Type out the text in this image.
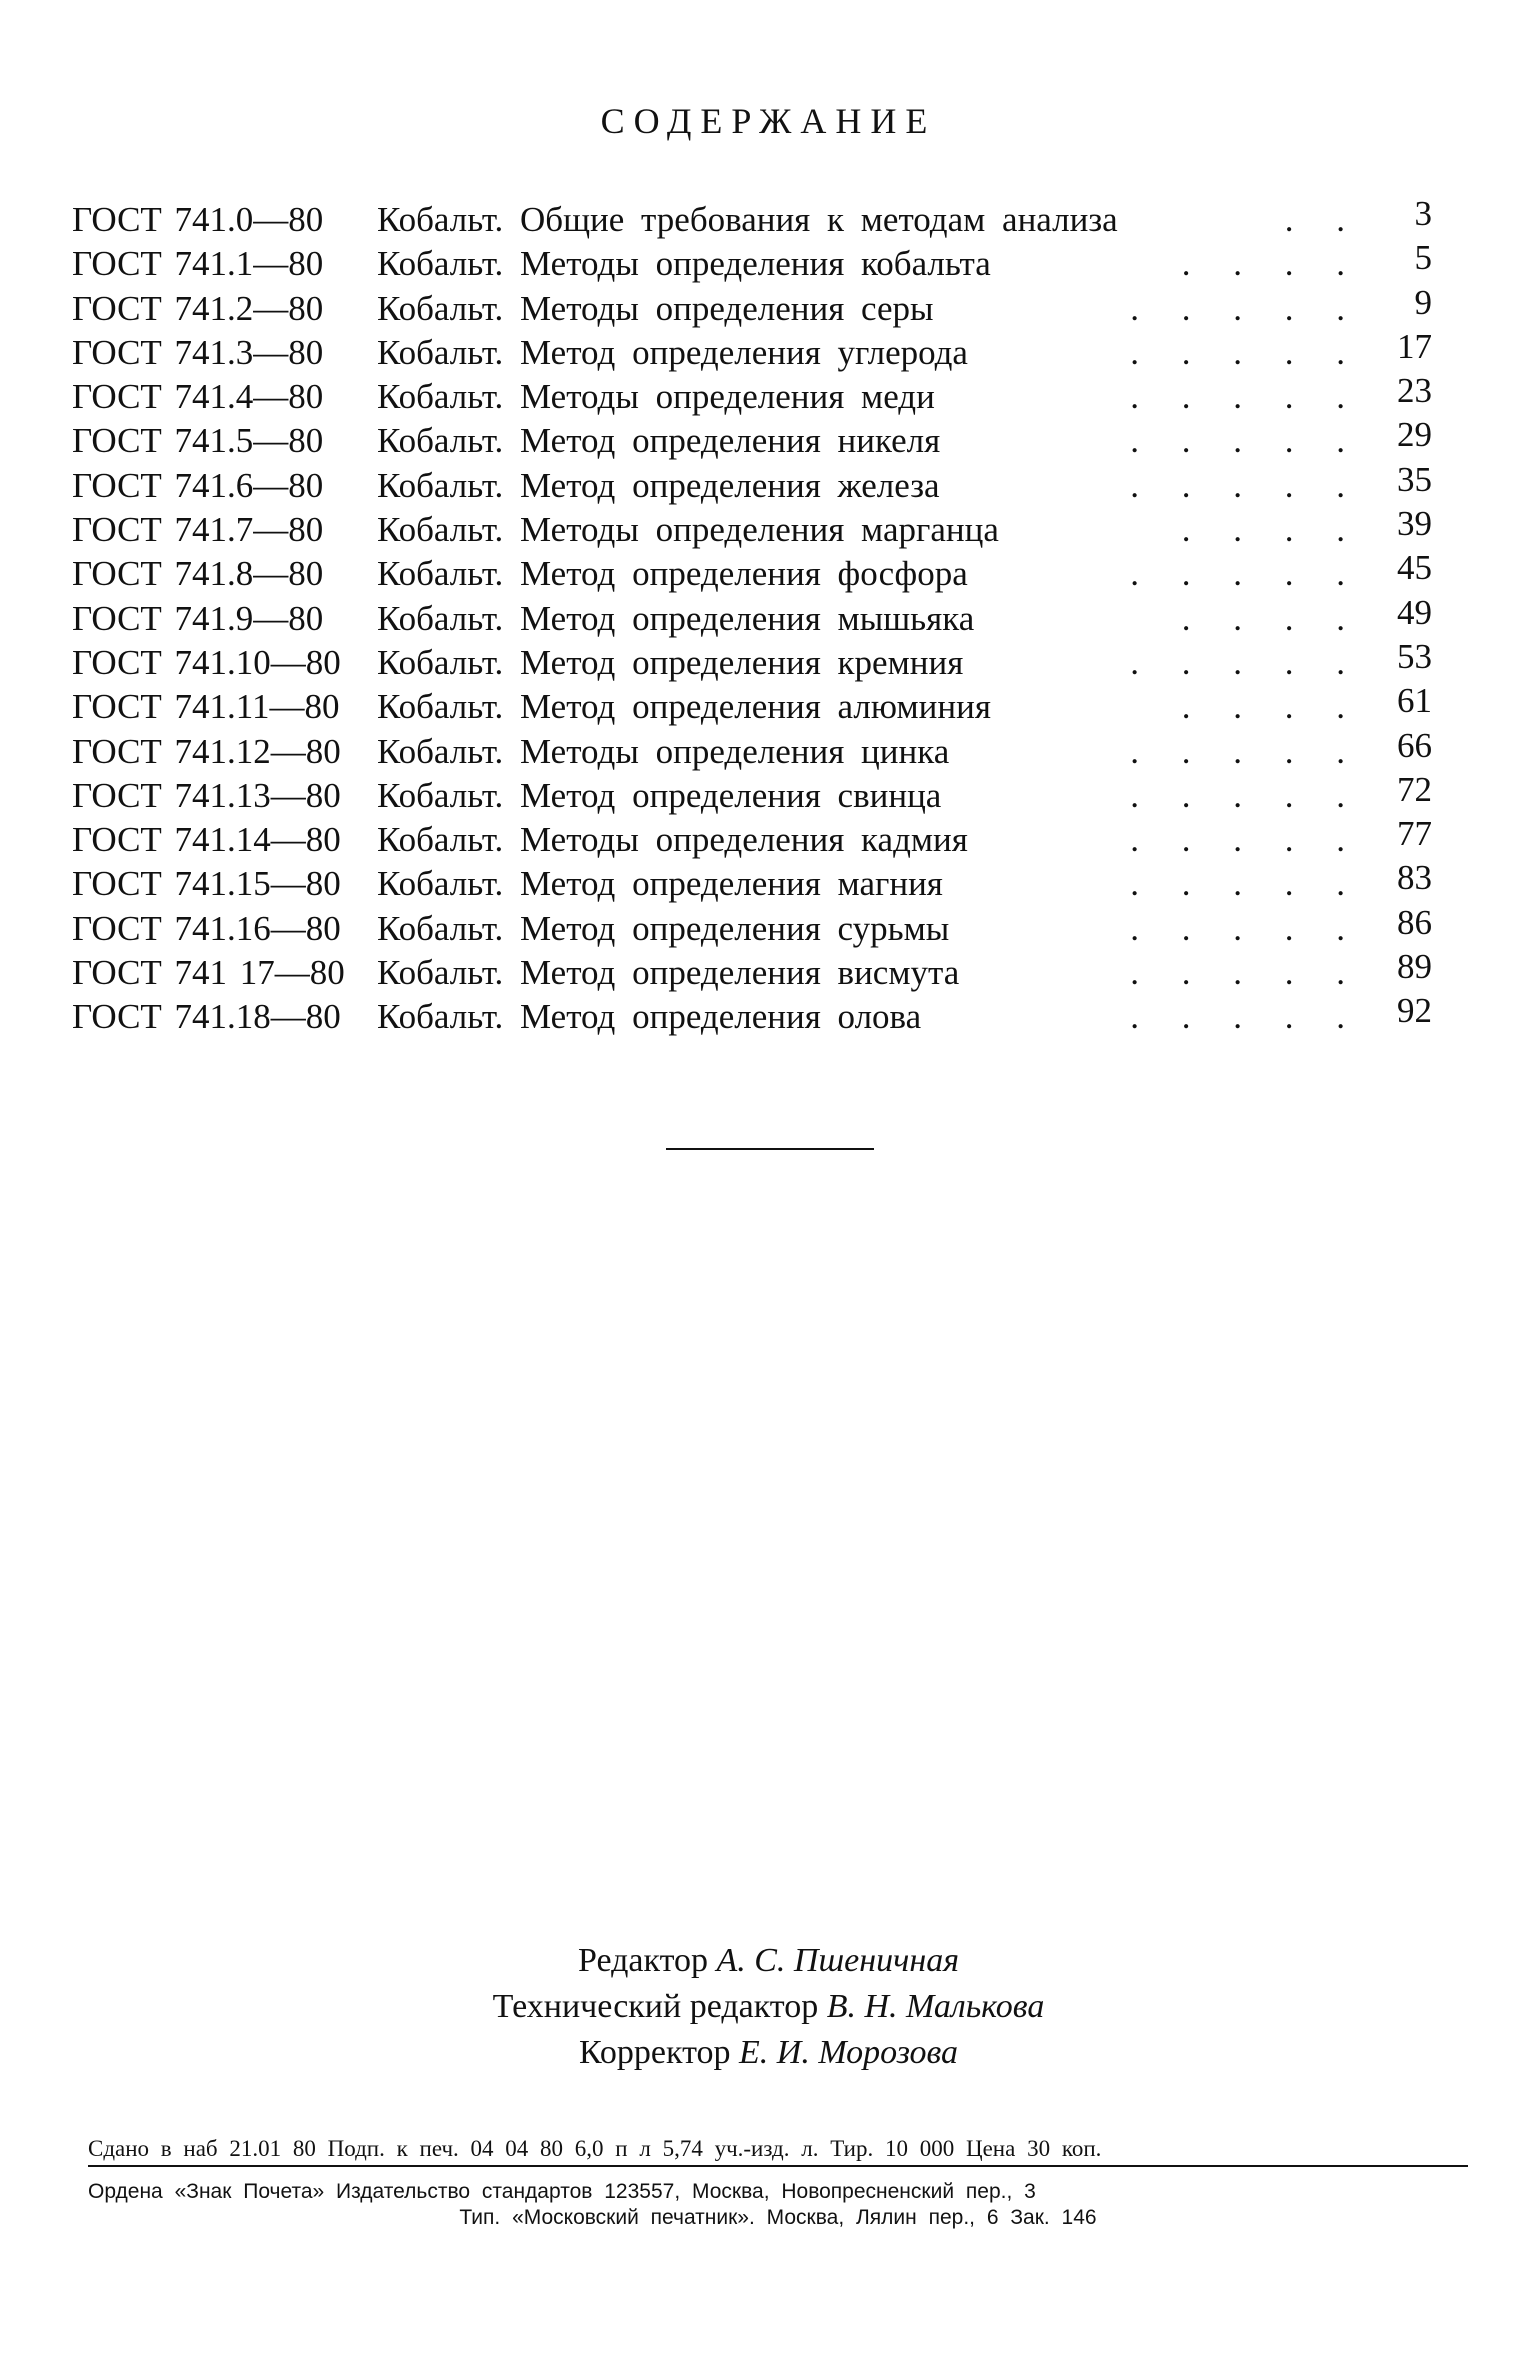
СОДЕРЖАНИЕ
ГОСТ 741.0—80	Кобальт. Общие требования к методам анализа	. .	3
ГОСТ 741.1—80	Кобальт. Методы определения кобальта	. . . .	5
ГОСТ 741.2—80	Кобальт. Методы определения серы	. . . . .	9
ГОСТ 741.3—80	Кобальт. Метод определения углерода	. . . . .	17
ГОСТ 741.4—80	Кобальт. Методы определения меди	. . . . .	23
ГОСТ 741.5—80	Кобальт. Метод определения никеля	. . . . .	29
ГОСТ 741.6—80	Кобальт. Метод определения железа	. . . . .	35
ГОСТ 741.7—80	Кобальт. Методы определения марганца	. . . .	39
ГОСТ 741.8—80	Кобальт. Метод определения фосфора	. . . . .	45
ГОСТ 741.9—80	Кобальт. Метод определения мышьяка	. . . .	49
ГОСТ 741.10—80	Кобальт. Метод определения кремния	. . . . .	53
ГОСТ 741.11—80	Кобальт. Метод определения алюминия	. . . .	61
ГОСТ 741.12—80	Кобальт. Методы определения цинка	. . . . .	66
ГОСТ 741.13—80	Кобальт. Метод определения свинца	. . . . .	72
ГОСТ 741.14—80	Кобальт. Методы определения кадмия	. . . . .	77
ГОСТ 741.15—80	Кобальт. Метод определения магния	. . . . .	83
ГОСТ 741.16—80	Кобальт. Метод определения сурьмы	. . . . .	86
ГОСТ 741 17—80 Кобальт. Метод определения висмута	. . . . .	89
ГОСТ 741.18—80	Кобальт. Метод определения олова	. . . . .	92
Редактор А. С. Пшеничная
Технический редактор В. Н. Малькова
Корректор Е. И. Морозова
Сдано в наб 21.01 80 Подп. к печ. 04 04 80 6,0 п л 5,74 уч.-изд. л. Тир. 10 000 Цена 30 коп.
Ордена «Знак Почета» Издательство стандартов 123557, Москва, Новопресненский пер., 3
Тип. «Московский печатник». Москва, Лялин пер., 6 Зак. 146
